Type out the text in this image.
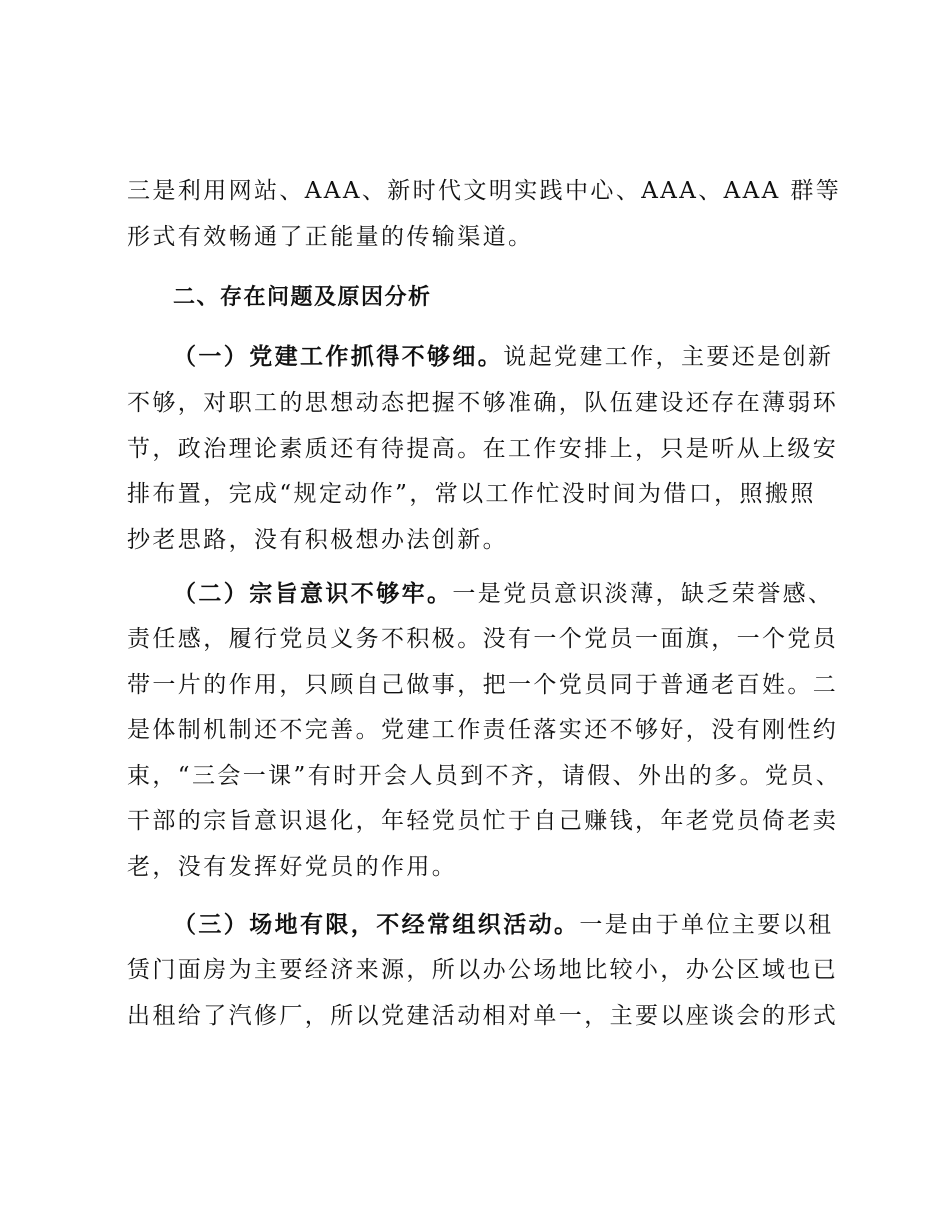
三是利用网站、AAA、新时代文明实践中心、AAA、AAA 群等
形式有效畅通了正能量的传输渠道。
二、存在问题及原因分析
（一）党建工作抓得不够细。说起党建工作，主要还是创新
不够，对职工的思想动态把握不够准确，队伍建设还存在薄弱环
节，政治理论素质还有待提高。在工作安排上，只是听从上级安
排布置，完成“规定动作”，常以工作忙没时间为借口，照搬照
抄老思路，没有积极想办法创新。
（二）宗旨意识不够牢。一是党员意识淡薄，缺乏荣誉感、
责任感，履行党员义务不积极。没有一个党员一面旗，一个党员
带一片的作用，只顾自己做事，把一个党员同于普通老百姓。二
是体制机制还不完善。党建工作责任落实还不够好，没有刚性约
束，“三会一课”有时开会人员到不齐，请假、外出的多。党员、
干部的宗旨意识退化，年轻党员忙于自己赚钱，年老党员倚老卖
老，没有发挥好党员的作用。
（三）场地有限，不经常组织活动。一是由于单位主要以租
赁门面房为主要经济来源，所以办公场地比较小，办公区域也已
出租给了汽修厂，所以党建活动相对单一，主要以座谈会的形式
